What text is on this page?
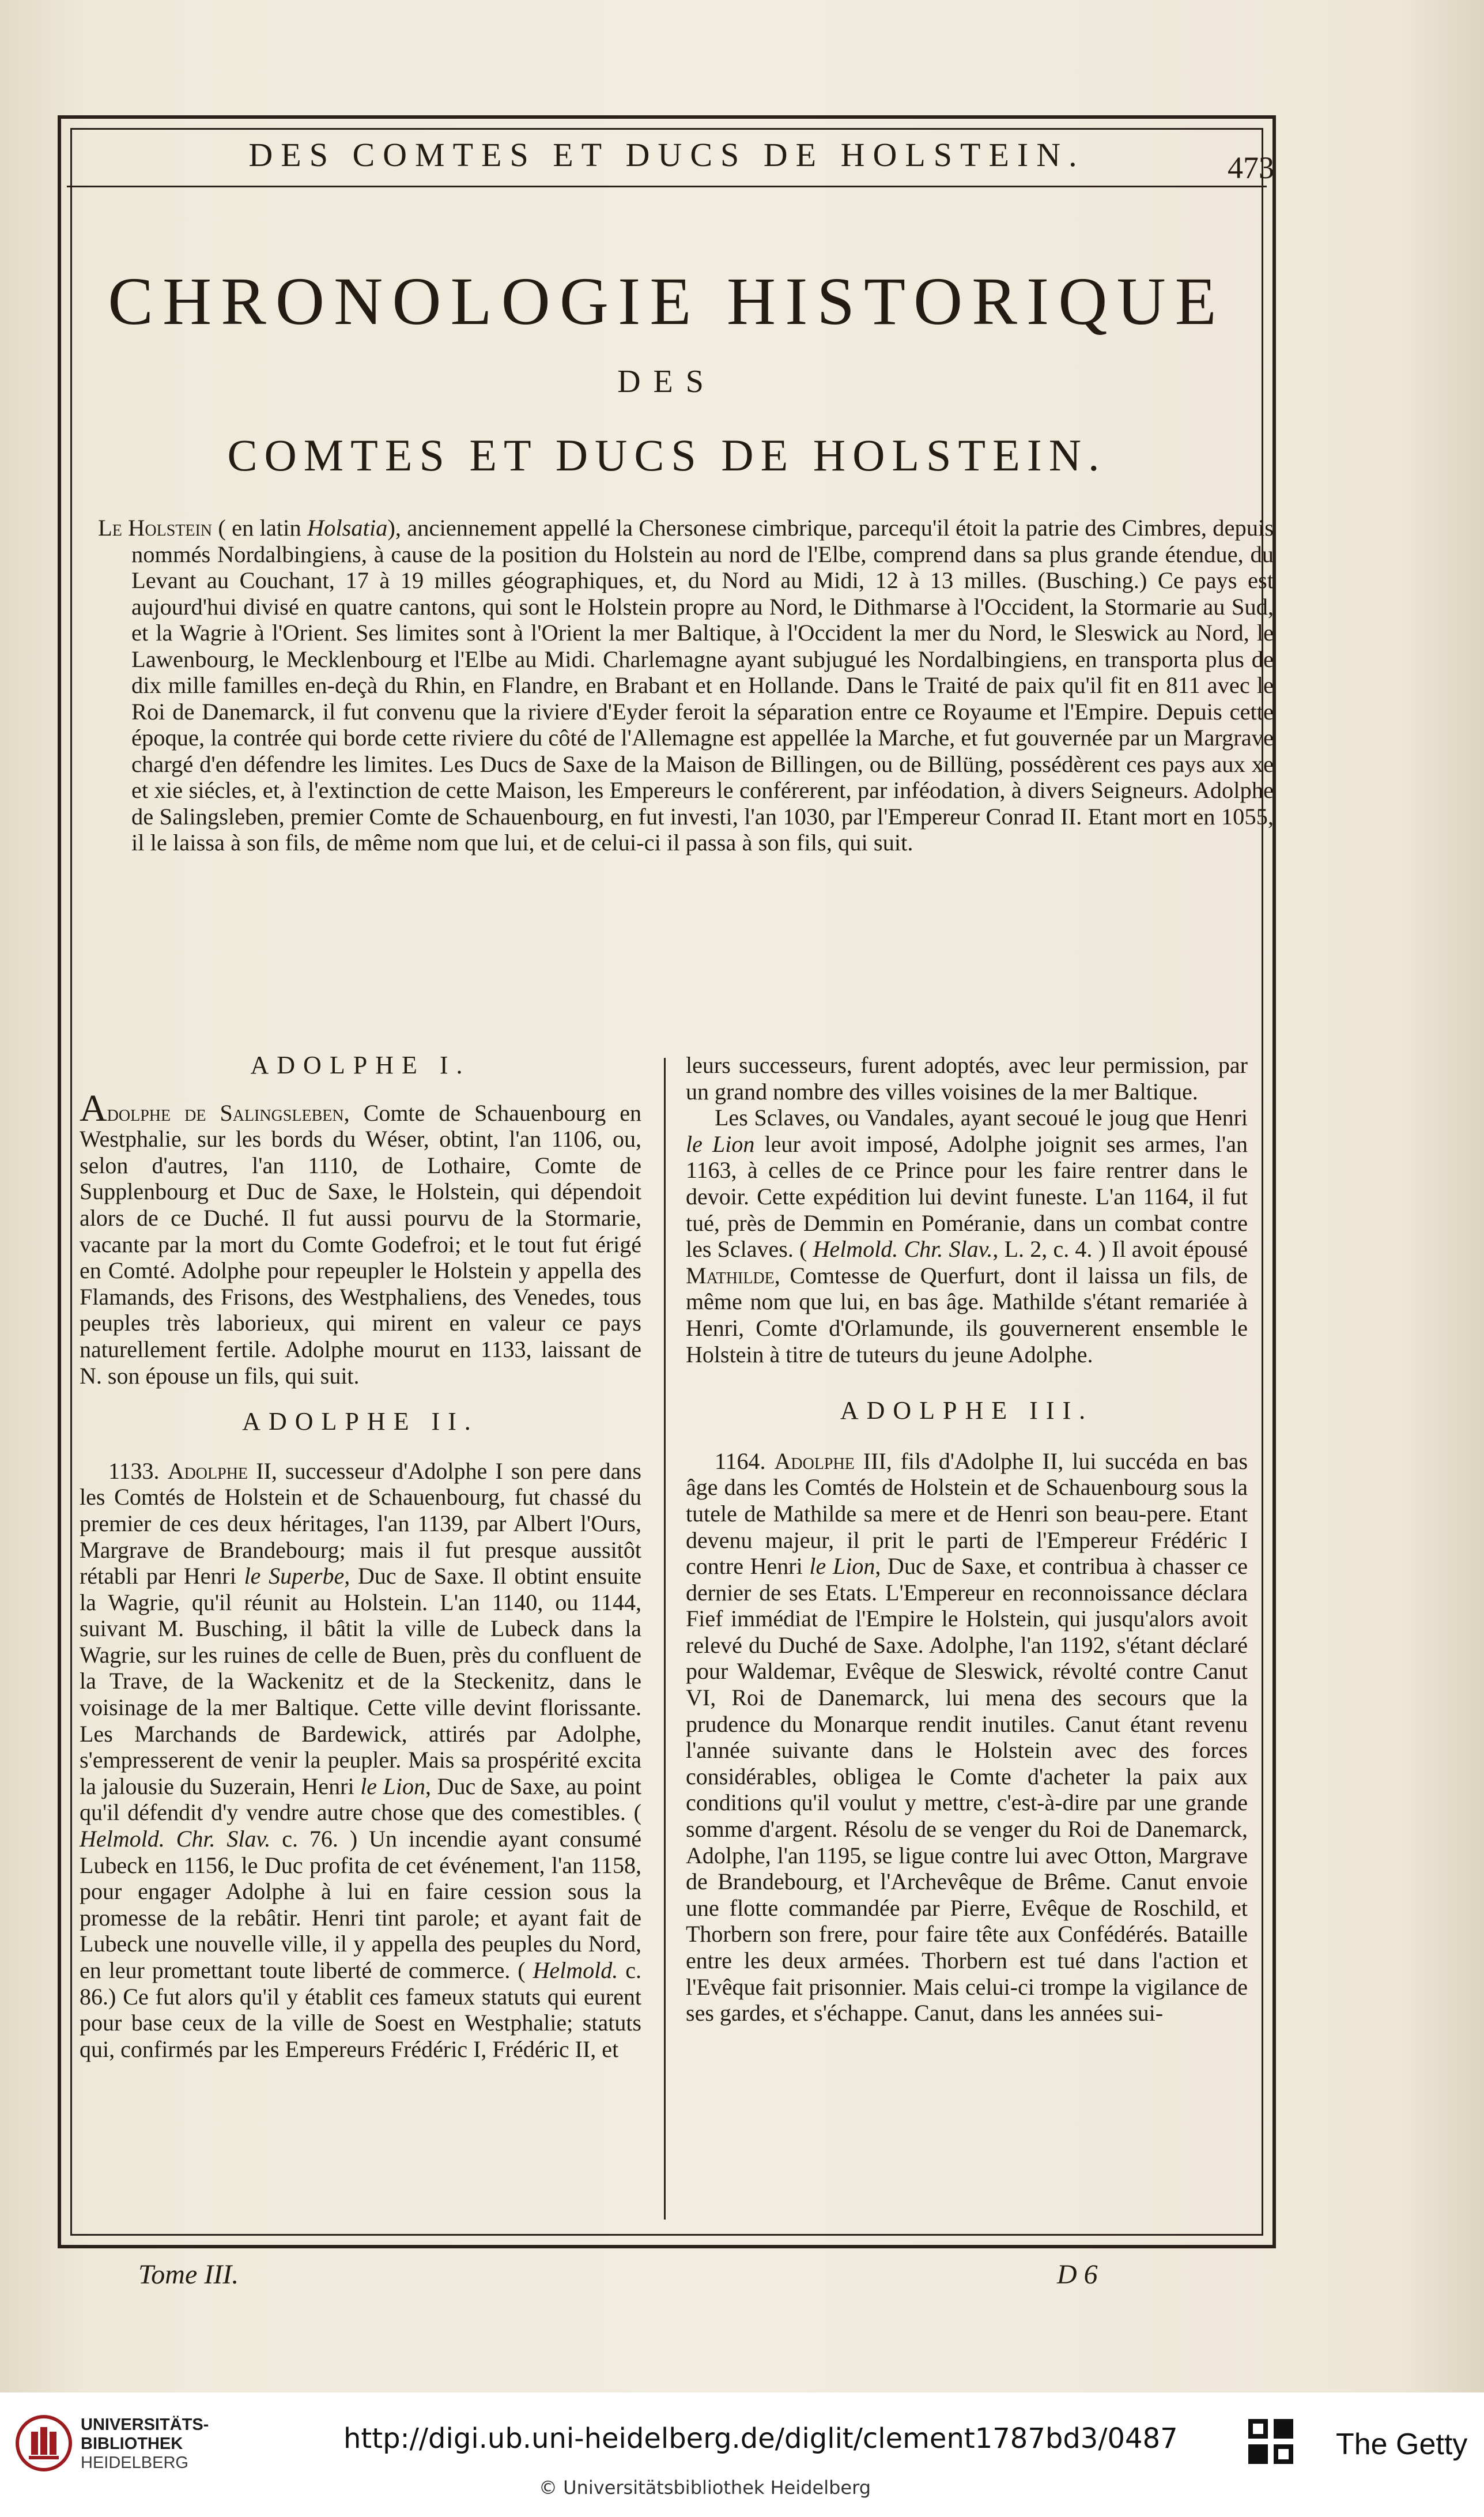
DES COMTES ET DUCS DE HOLSTEIN.	473
CHRONOLOGIE HISTORIQUE
DES
COMTES ET DUCS DE HOLSTEIN.

Le Holstein ( en latin Holsatia), anciennement appellé la Chersonese cimbrique, parcequ'il étoit la patrie des Cimbres, depuis nommés Nordalbingiens, à cause de la position du Holstein au nord de l'Elbe, comprend dans sa plus grande étendue, du Levant au Couchant, 17 à 19 milles géographiques, et, du Nord au Midi, 12 à 13 milles. (Busching.) Ce pays est aujourd'hui divisé en quatre cantons, qui sont le Holstein propre au Nord, le Dithmarse à l'Occident, la Stormarie au Sud, et la Wagrie à l'Orient. Ses limites sont à l'Orient la mer Baltique, à l'Occident la mer du Nord, le Sleswick au Nord, le Lawenbourg, le Mecklenbourg et l'Elbe au Midi. Charlemagne ayant subjugué les Nordalbingiens, en transporta plus de dix mille familles en-deçà du Rhin, en Flandre, en Brabant et en Hollande. Dans le Traité de paix qu'il fit en 811 avec le Roi de Danemarck, il fut convenu que la riviere d'Eyder feroit la séparation entre ce Royaume et l'Empire. Depuis cette époque, la contrée qui borde cette riviere du côté de l'Allemagne est appellée la Marche, et fut gouvernée par un Margrave chargé d'en défendre les limites. Les Ducs de Saxe de la Maison de Billingen, ou de Billüng, possédèrent ces pays aux xe et xie siécles, et, à l'extinction de cette Maison, les Empereurs le conférerent, par inféodation, à divers Seigneurs. Adolphe de Salingsleben, premier Comte de Schauenbourg, en fut investi, l'an 1030, par l'Empereur Conrad II. Etant mort en 1055, il le laissa à son fils, de même nom que lui, et de celui-ci il passa à son fils, qui suit.

ADOLPHE I.

Adolphe de Salingsleben, Comte de Schauenbourg en Westphalie, sur les bords du Wéser, obtint, l'an 1106, ou, selon d'autres, l'an 1110, de Lothaire, Comte de Supplenbourg et Duc de Saxe, le Holstein, qui dépendoit alors de ce Duché. Il fut aussi pourvu de la Stormarie, vacante par la mort du Comte Godefroi; et le tout fut érigé en Comté. Adolphe pour repeupler le Holstein y appella des Flamands, des Frisons, des Westphaliens, des Venedes, tous peuples très laborieux, qui mirent en valeur ce pays naturellement fertile. Adolphe mourut en 1133, laissant de N. son épouse un fils, qui suit.

ADOLPHE II.

1133. Adolphe II, successeur d'Adolphe I son pere dans les Comtés de Holstein et de Schauenbourg, fut chassé du premier de ces deux héritages, l'an 1139, par Albert l'Ours, Margrave de Brandebourg; mais il fut presque aussitôt rétabli par Henri le Superbe, Duc de Saxe. Il obtint ensuite la Wagrie, qu'il réunit au Holstein. L'an 1140, ou 1144, suivant M. Busching, il bâtit la ville de Lubeck dans la Wagrie, sur les ruines de celle de Buen, près du confluent de la Trave, de la Wackenitz et de la Steckenitz, dans le voisinage de la mer Baltique. Cette ville devint florissante. Les Marchands de Bardewick, attirés par Adolphe, s'empresserent de venir la peupler. Mais sa prospérité excita la jalousie du Suzerain, Henri le Lion, Duc de Saxe, au point qu'il défendit d'y vendre autre chose que des comestibles. ( Helmold. Chr. Slav. c. 76. ) Un incendie ayant consumé Lubeck en 1156, le Duc profita de cet événement, l'an 1158, pour engager Adolphe à lui en faire cession sous la promesse de la rebâtir. Henri tint parole; et ayant fait de Lubeck une nouvelle ville, il y appella des peuples du Nord, en leur promettant toute liberté de commerce. ( Helmold. c. 86.) Ce fut alors qu'il y établit ces fameux statuts qui eurent pour base ceux de la ville de Soest en Westphalie; statuts qui, confirmés par les Empereurs Frédéric I, Frédéric II, et

leurs successeurs, furent adoptés, avec leur permission, par un grand nombre des villes voisines de la mer Baltique.

Les Sclaves, ou Vandales, ayant secoué le joug que Henri le Lion leur avoit imposé, Adolphe joignit ses armes, l'an 1163, à celles de ce Prince pour les faire rentrer dans le devoir. Cette expédition lui devint funeste. L'an 1164, il fut tué, près de Demmin en Poméranie, dans un combat contre les Sclaves. ( Helmold. Chr. Slav., L. 2, c. 4. ) Il avoit épousé Mathilde, Comtesse de Querfurt, dont il laissa un fils, de même nom que lui, en bas âge. Mathilde s'étant remariée à Henri, Comte d'Orlamunde, ils gouvernerent ensemble le Holstein à titre de tuteurs du jeune Adolphe.

ADOLPHE III.

1164. Adolphe III, fils d'Adolphe II, lui succéda en bas âge dans les Comtés de Holstein et de Schauenbourg sous la tutele de Mathilde sa mere et de Henri son beau-pere. Etant devenu majeur, il prit le parti de l'Empereur Frédéric I contre Henri le Lion, Duc de Saxe, et contribua à chasser ce dernier de ses Etats. L'Empereur en reconnoissance déclara Fief immédiat de l'Empire le Holstein, qui jusqu'alors avoit relevé du Duché de Saxe. Adolphe, l'an 1192, s'étant déclaré pour Waldemar, Evêque de Sleswick, révolté contre Canut VI, Roi de Danemarck, lui mena des secours que la prudence du Monarque rendit inutiles. Canut étant revenu l'année suivante dans le Holstein avec des forces considérables, obligea le Comte d'acheter la paix aux conditions qu'il voulut y mettre, c'est-à-dire par une grande somme d'argent. Résolu de se venger du Roi de Danemarck, Adolphe, l'an 1195, se ligue contre lui avec Otton, Margrave de Brandebourg, et l'Archevêque de Brême. Canut envoie une flotte commandée par Pierre, Evêque de Roschild, et Thorbern son frere, pour faire tête aux Confédérés. Bataille entre les deux armées. Thorbern est tué dans l'action et l'Evêque fait prisonnier. Mais celui-ci trompe la vigilance de ses gardes, et s'échappe. Canut, dans les années sui-

Tome III.	D 6
UNIVERSITÄTS-
BIBLIOTHEK
HEIDELBERG
http://digi.ub.uni-heidelberg.de/diglit/clement1787bd3/0487
© Universitätsbibliothek Heidelberg
The Getty
